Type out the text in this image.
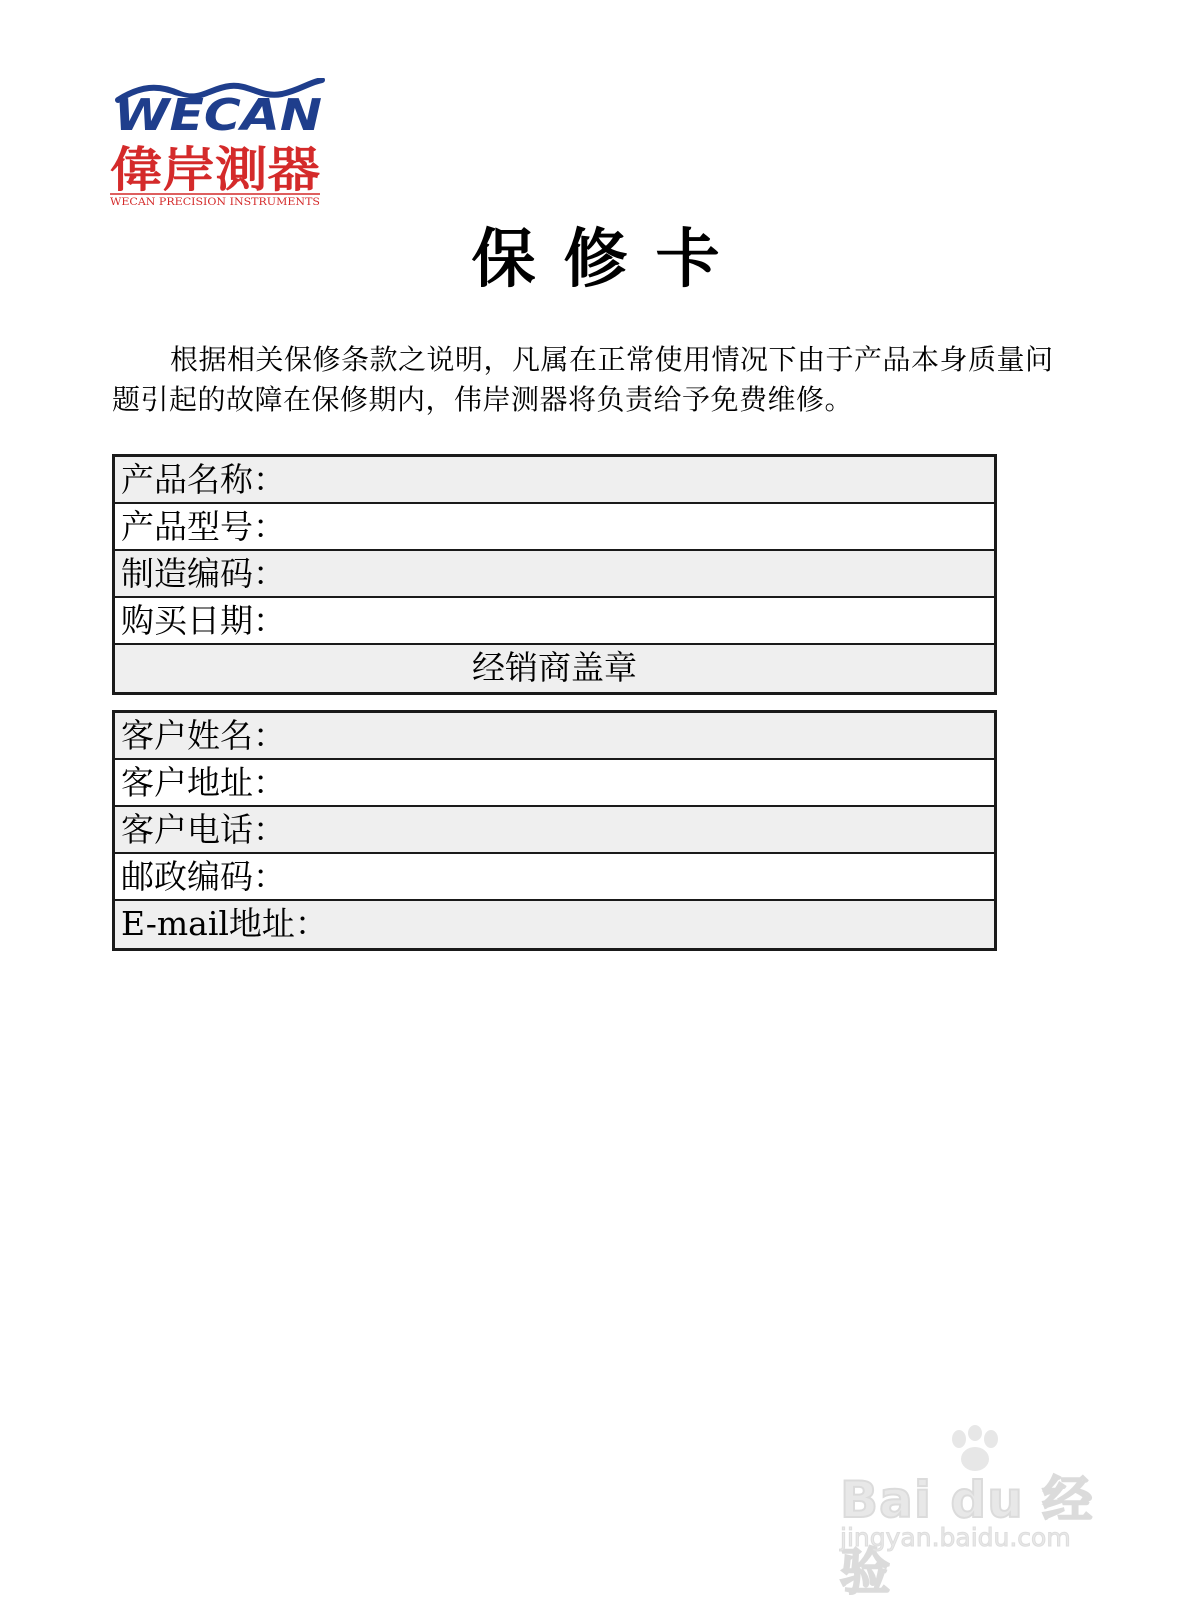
WECAN
偉岸測器
WECAN PRECISION INSTRUMENTS
保修卡

根据相关保修条款之说明，凡属在正常使用情况下由于产品本身质量问题引起的故障在保修期内，伟岸测器将负责给予免费维修。

产品名称：
产品型号：
制造编码：
购买日期：
经销商盖章
客户姓名：
客户地址：
客户电话：
邮政编码：
E-mail地址：
Bai du 经验
jingyan.baidu.com
